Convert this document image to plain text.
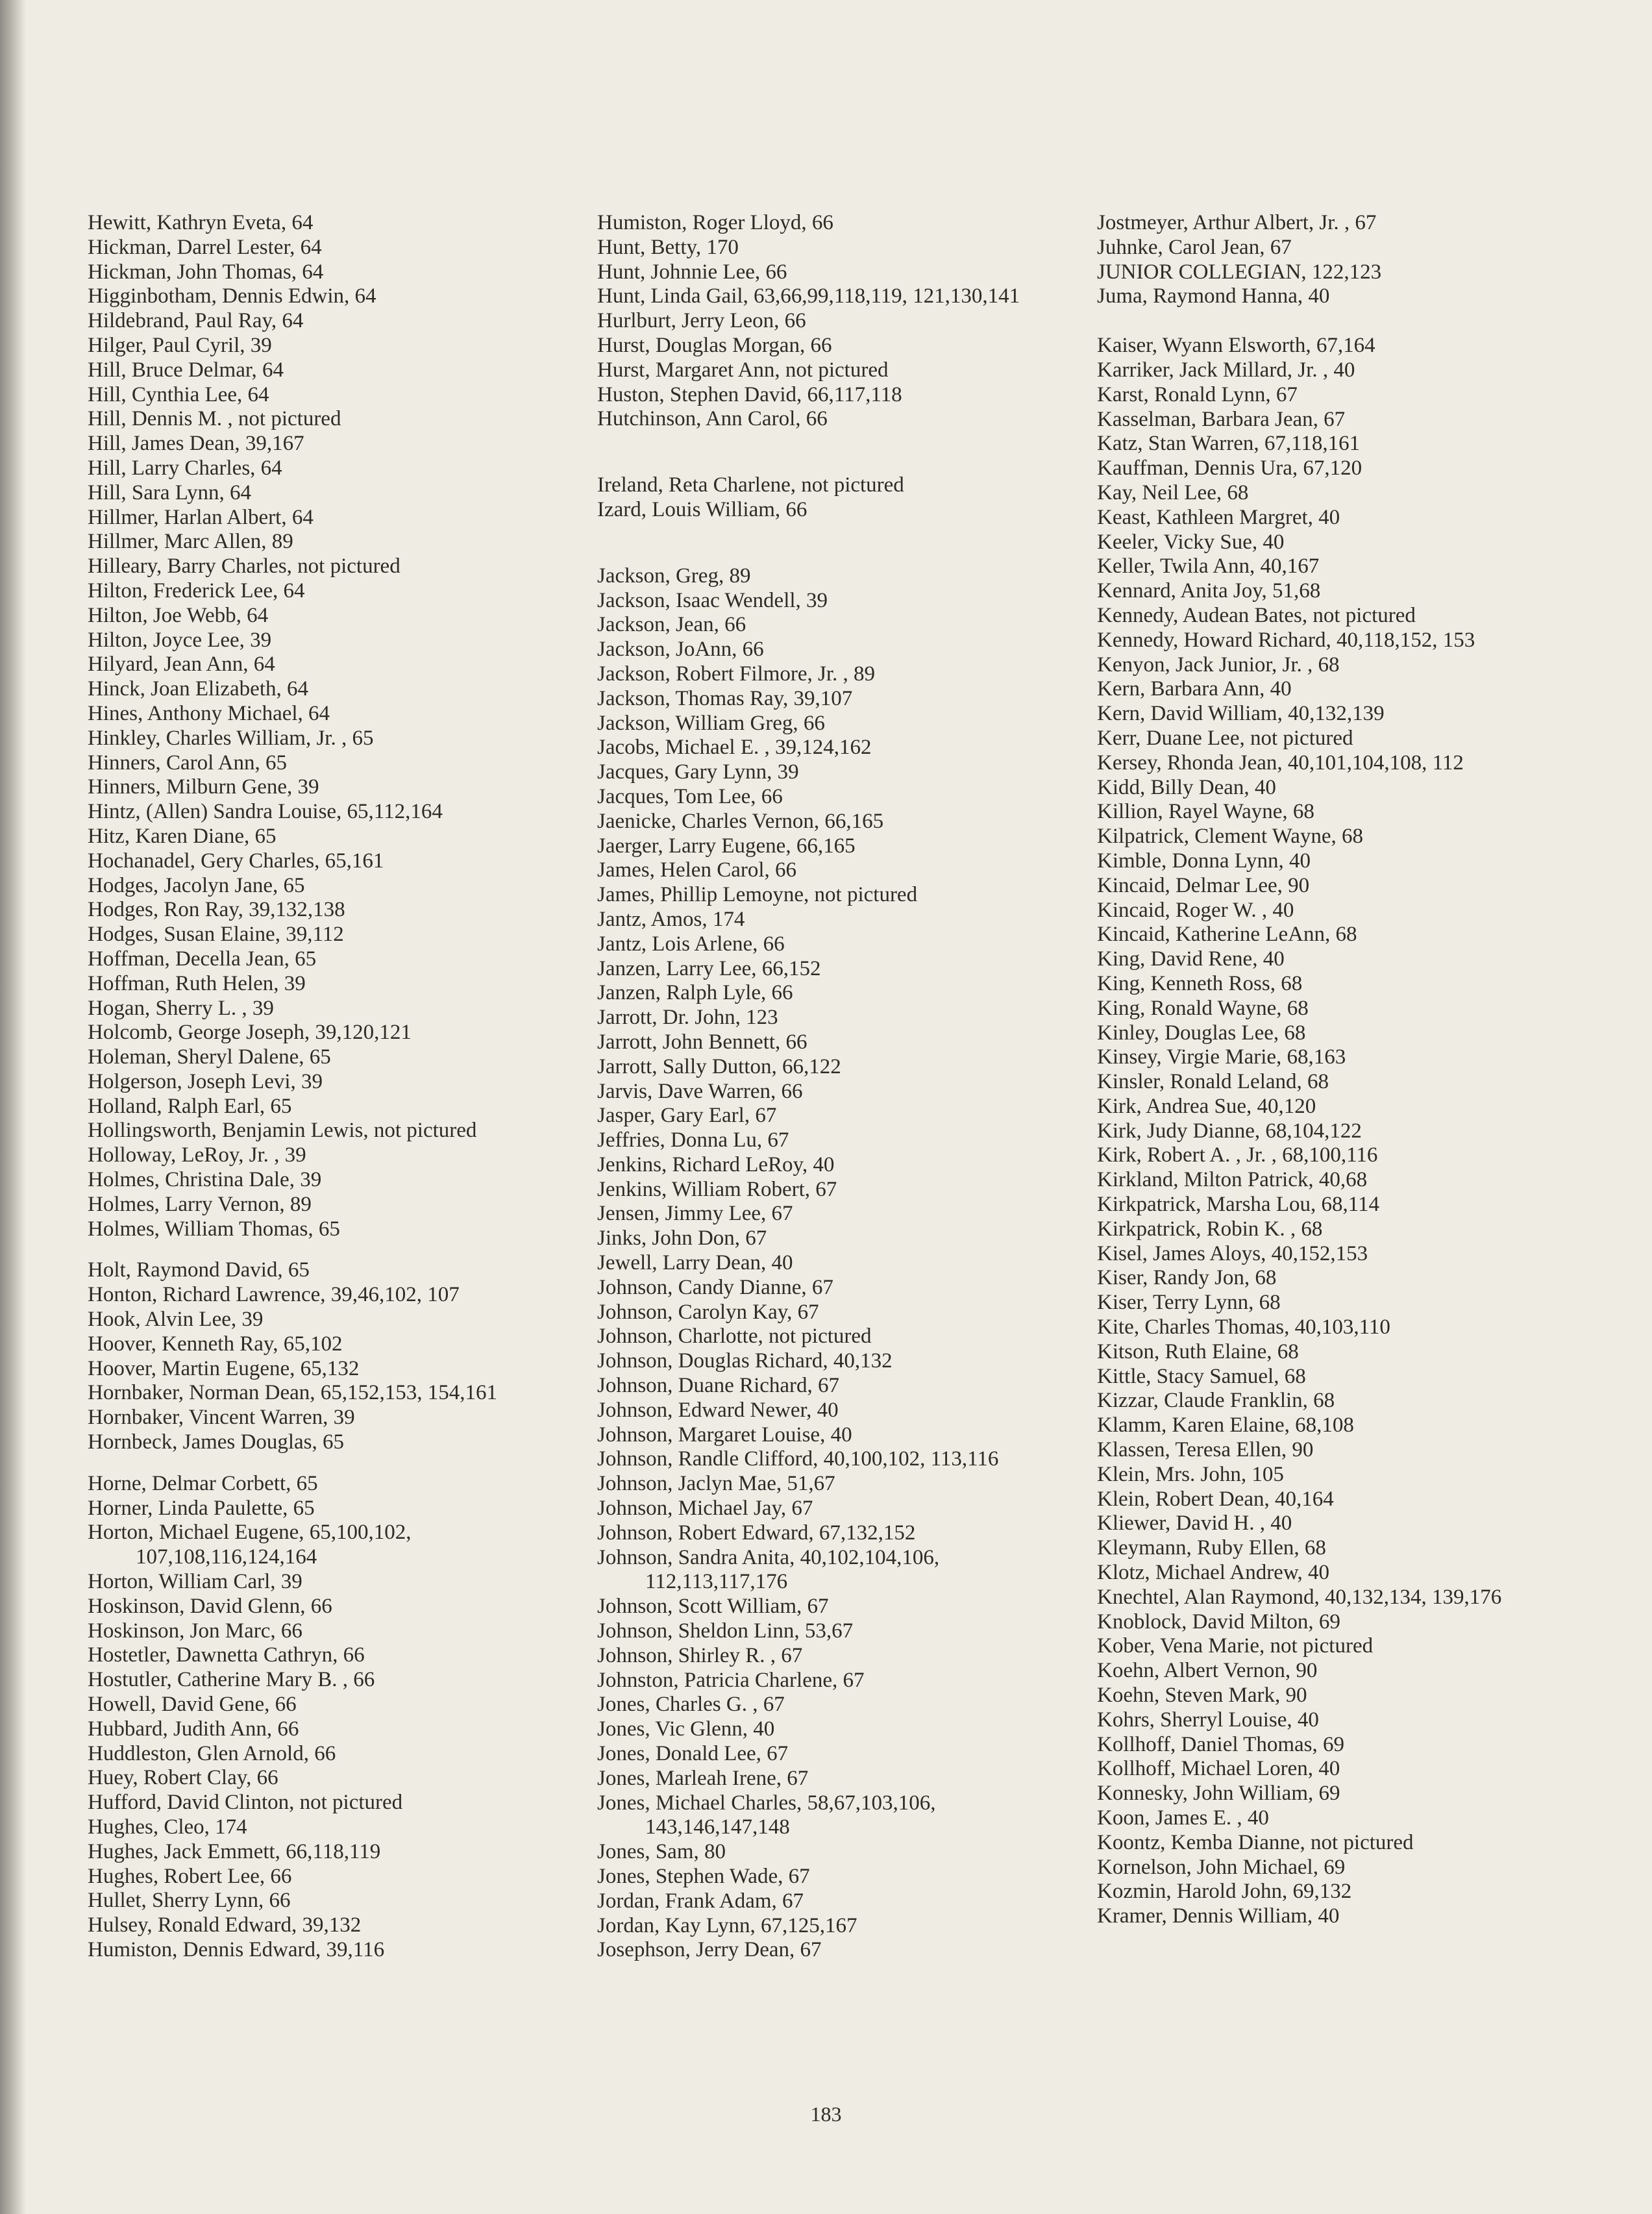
Hewitt, Kathryn Eveta, 64
Hickman, Darrel Lester, 64
Hickman, John Thomas, 64
Higginbotham, Dennis Edwin, 64
Hildebrand, Paul Ray, 64
Hilger, Paul Cyril, 39
Hill, Bruce Delmar, 64
Hill, Cynthia Lee, 64
Hill, Dennis M. , not pictured
Hill, James Dean, 39,167
Hill, Larry Charles, 64
Hill, Sara Lynn, 64
Hillmer, Harlan Albert, 64
Hillmer, Marc Allen, 89
Hilleary, Barry Charles, not pictured
Hilton, Frederick Lee, 64
Hilton, Joe Webb, 64
Hilton, Joyce Lee, 39
Hilyard, Jean Ann, 64
Hinck, Joan Elizabeth, 64
Hines, Anthony Michael, 64
Hinkley, Charles William, Jr. , 65
Hinners, Carol Ann, 65
Hinners, Milburn Gene, 39
Hintz, (Allen) Sandra Louise, 65,112,164
Hitz, Karen Diane, 65
Hochanadel, Gery Charles, 65,161
Hodges, Jacolyn Jane, 65
Hodges, Ron Ray, 39,132,138
Hodges, Susan Elaine, 39,112
Hoffman, Decella Jean, 65
Hoffman, Ruth Helen, 39
Hogan, Sherry L. , 39
Holcomb, George Joseph, 39,120,121
Holeman, Sheryl Dalene, 65
Holgerson, Joseph Levi, 39
Holland, Ralph Earl, 65
Hollingsworth, Benjamin Lewis, not pictured
Holloway, LeRoy, Jr. , 39
Holmes, Christina Dale, 39
Holmes, Larry Vernon, 89
Holmes, William Thomas, 65
Holt, Raymond David, 65
Honton, Richard Lawrence, 39,46,102, 107
Hook, Alvin Lee, 39
Hoover, Kenneth Ray, 65,102
Hoover, Martin Eugene, 65,132
Hornbaker, Norman Dean, 65,152,153, 154,161
Hornbaker, Vincent Warren, 39
Hornbeck, James Douglas, 65
Horne, Delmar Corbett, 65
Horner, Linda Paulette, 65
Horton, Michael Eugene, 65,100,102, 107,108,116,124,164
Horton, William Carl, 39
Hoskinson, David Glenn, 66
Hoskinson, Jon Marc, 66
Hostetler, Dawnetta Cathryn, 66
Hostutler, Catherine Mary B. , 66
Howell, David Gene, 66
Hubbard, Judith Ann, 66
Huddleston, Glen Arnold, 66
Huey, Robert Clay, 66
Hufford, David Clinton, not pictured
Hughes, Cleo, 174
Hughes, Jack Emmett, 66,118,119
Hughes, Robert Lee, 66
Hullet, Sherry Lynn, 66
Hulsey, Ronald Edward, 39,132
Humiston, Dennis Edward, 39,116
Humiston, Roger Lloyd, 66
Hunt, Betty, 170
Hunt, Johnnie Lee, 66
Hunt, Linda Gail, 63,66,99,118,119, 121,130,141
Hurlburt, Jerry Leon, 66
Hurst, Douglas Morgan, 66
Hurst, Margaret Ann, not pictured
Huston, Stephen David, 66,117,118
Hutchinson, Ann Carol, 66
Ireland, Reta Charlene, not pictured
Izard, Louis William, 66
Jackson, Greg, 89
Jackson, Isaac Wendell, 39
Jackson, Jean, 66
Jackson, JoAnn, 66
Jackson, Robert Filmore, Jr. , 89
Jackson, Thomas Ray, 39,107
Jackson, William Greg, 66
Jacobs, Michael E. , 39,124,162
Jacques, Gary Lynn, 39
Jacques, Tom Lee, 66
Jaenicke, Charles Vernon, 66,165
Jaerger, Larry Eugene, 66,165
James, Helen Carol, 66
James, Phillip Lemoyne, not pictured
Jantz, Amos, 174
Jantz, Lois Arlene, 66
Janzen, Larry Lee, 66,152
Janzen, Ralph Lyle, 66
Jarrott, Dr. John, 123
Jarrott, John Bennett, 66
Jarrott, Sally Dutton, 66,122
Jarvis, Dave Warren, 66
Jasper, Gary Earl, 67
Jeffries, Donna Lu, 67
Jenkins, Richard LeRoy, 40
Jenkins, William Robert, 67
Jensen, Jimmy Lee, 67
Jinks, John Don, 67
Jewell, Larry Dean, 40
Johnson, Candy Dianne, 67
Johnson, Carolyn Kay, 67
Johnson, Charlotte, not pictured
Johnson, Douglas Richard, 40,132
Johnson, Duane Richard, 67
Johnson, Edward Newer, 40
Johnson, Margaret Louise, 40
Johnson, Randle Clifford, 40,100,102, 113,116
Johnson, Jaclyn Mae, 51,67
Johnson, Michael Jay, 67
Johnson, Robert Edward, 67,132,152
Johnson, Sandra Anita, 40,102,104,106, 112,113,117,176
Johnson, Scott William, 67
Johnson, Sheldon Linn, 53,67
Johnson, Shirley R. , 67
Johnston, Patricia Charlene, 67
Jones, Charles G. , 67
Jones, Vic Glenn, 40
Jones, Donald Lee, 67
Jones, Marleah Irene, 67
Jones, Michael Charles, 58,67,103,106, 143,146,147,148
Jones, Sam, 80
Jones, Stephen Wade, 67
Jordan, Frank Adam, 67
Jordan, Kay Lynn, 67,125,167
Josephson, Jerry Dean, 67
Jostmeyer, Arthur Albert, Jr. , 67
Juhnke, Carol Jean, 67
JUNIOR COLLEGIAN, 122,123
Juma, Raymond Hanna, 40
Kaiser, Wyann Elsworth, 67,164
Karriker, Jack Millard, Jr. , 40
Karst, Ronald Lynn, 67
Kasselman, Barbara Jean, 67
Katz, Stan Warren, 67,118,161
Kauffman, Dennis Ura, 67,120
Kay, Neil Lee, 68
Keast, Kathleen Margret, 40
Keeler, Vicky Sue, 40
Keller, Twila Ann, 40,167
Kennard, Anita Joy, 51,68
Kennedy, Audean Bates, not pictured
Kennedy, Howard Richard, 40,118,152, 153
Kenyon, Jack Junior, Jr. , 68
Kern, Barbara Ann, 40
Kern, David William, 40,132,139
Kerr, Duane Lee, not pictured
Kersey, Rhonda Jean, 40,101,104,108, 112
Kidd, Billy Dean, 40
Killion, Rayel Wayne, 68
Kilpatrick, Clement Wayne, 68
Kimble, Donna Lynn, 40
Kincaid, Delmar Lee, 90
Kincaid, Roger W. , 40
Kincaid, Katherine LeAnn, 68
King, David Rene, 40
King, Kenneth Ross, 68
King, Ronald Wayne, 68
Kinley, Douglas Lee, 68
Kinsey, Virgie Marie, 68,163
Kinsler, Ronald Leland, 68
Kirk, Andrea Sue, 40,120
Kirk, Judy Dianne, 68,104,122
Kirk, Robert A. , Jr. , 68,100,116
Kirkland, Milton Patrick, 40,68
Kirkpatrick, Marsha Lou, 68,114
Kirkpatrick, Robin K. , 68
Kisel, James Aloys, 40,152,153
Kiser, Randy Jon, 68
Kiser, Terry Lynn, 68
Kite, Charles Thomas, 40,103,110
Kitson, Ruth Elaine, 68
Kittle, Stacy Samuel, 68
Kizzar, Claude Franklin, 68
Klamm, Karen Elaine, 68,108
Klassen, Teresa Ellen, 90
Klein, Mrs. John, 105
Klein, Robert Dean, 40,164
Kliewer, David H. , 40
Kleymann, Ruby Ellen, 68
Klotz, Michael Andrew, 40
Knechtel, Alan Raymond, 40,132,134, 139,176
Knoblock, David Milton, 69
Kober, Vena Marie, not pictured
Koehn, Albert Vernon, 90
Koehn, Steven Mark, 90
Kohrs, Sherryl Louise, 40
Kollhoff, Daniel Thomas, 69
Kollhoff, Michael Loren, 40
Konnesky, John William, 69
Koon, James E. , 40
Koontz, Kemba Dianne, not pictured
Kornelson, John Michael, 69
Kozmin, Harold John, 69,132
Kramer, Dennis William, 40
183
